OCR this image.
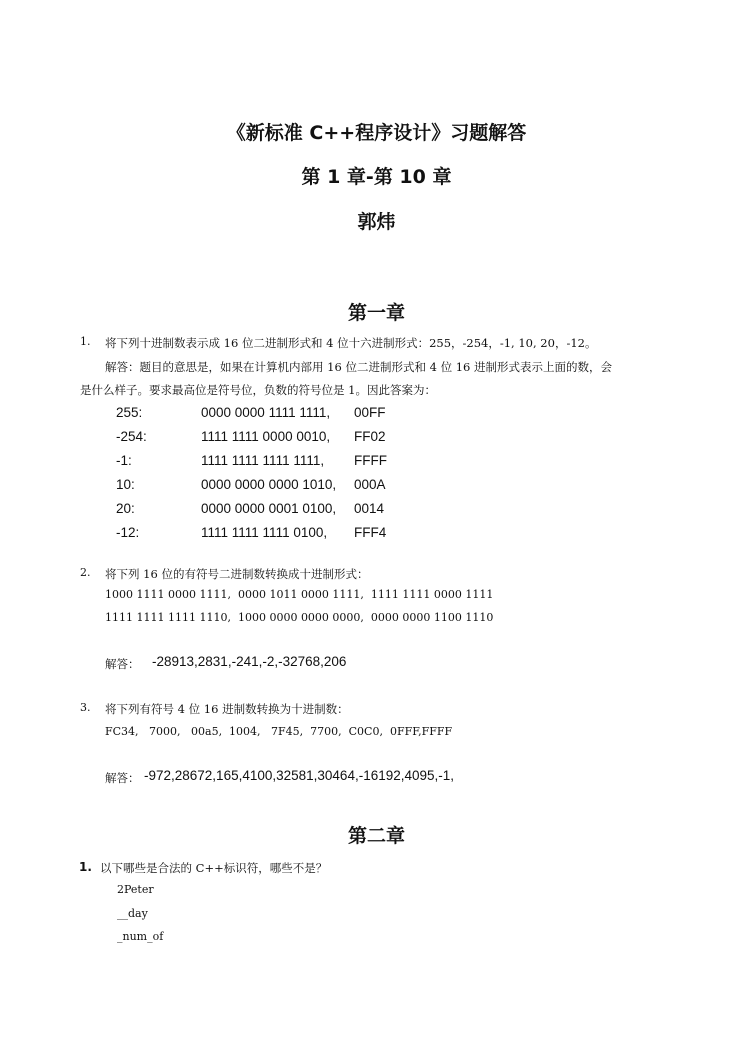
《新标准 C++程序设计》习题解答
第 1 章-第 10 章
郭炜
第一章
1. 将下列十进制数表示成 16 位二进制形式和 4 位十六进制形式：255，-254，-1, 10, 20，-12。
解答：题目的意思是，如果在计算机内部用 16 位二进制形式和 4 位 16 进制形式表示上面的数，会
是什么样子。要求最高位是符号位，负数的符号位是 1。因此答案为：
255:	0000 0000 1111 1111, 00FF
-254:	1111 1111 0000 0010, FF02
-1:	1111 1111 1111 1111, FFFF
10:	0000 0000 0000 1010, 000A
20:	0000 0000 0001 0100, 0014
-12:	1111 1111 1111 0100, FFF4
2. 将下列 16 位的有符号二进制数转换成十进制形式：
1000 1111 0000 1111,  0000 1011 0000 1111,  1111 1111 0000 1111
1111 1111 1111 1110,  1000 0000 0000 0000,  0000 0000 1100 1110
解答： -28913,2831,-241,-2,-32768,206
3. 将下列有符号 4 位 16 进制数转换为十进制数：
FC34,   7000,   00a5,  1004,   7F45,  7700,  C0C0,  0FFF,FFFF
解答： -972,28672,165,4100,32581,30464,-16192,4095,-1,
第二章
1. 以下哪些是合法的 C++标识符，哪些不是？
2Peter
__day
_num_of
